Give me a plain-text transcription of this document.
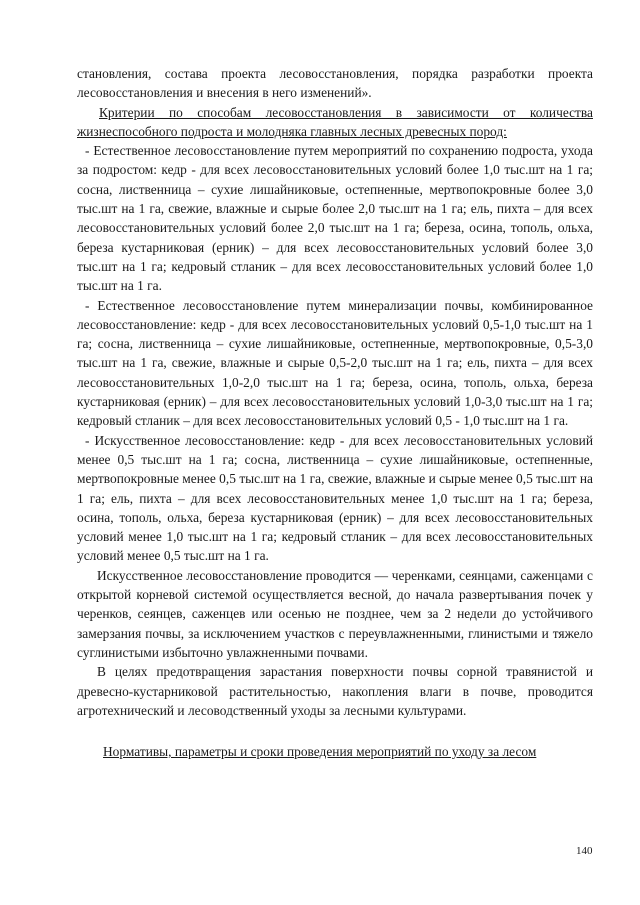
становления, состава проекта лесовосстановления, порядка разработки проекта лесовосстановления и внесения в него изменений».

Критерии по способам лесовосстановления в зависимости от количества жизнеспособного подроста и молодняка главных лесных древесных пород:

- Естественное лесовосстановление путем мероприятий по сохранению подроста, ухода за подростом: кедр - для всех лесовосстановительных условий более 1,0 тыс.шт на 1 га; сосна, лиственница – сухие лишайниковые, остепненные, мертвопокровные более 3,0 тыс.шт на 1 га, свежие, влажные и сырые более 2,0 тыс.шт на 1 га; ель, пихта – для всех лесовосстановительных условий более 2,0 тыс.шт на 1 га; береза, осина, тополь, ольха, береза кустарниковая (ерник) – для всех лесовосстановительных условий более 3,0 тыс.шт на 1 га; кедровый стланик – для всех лесовосстановительных условий более 1,0 тыс.шт на 1 га.

- Естественное лесовосстановление путем минерализации почвы, комбинированное лесовосстановление: кедр - для всех лесовосстановительных условий 0,5-1,0 тыс.шт на 1 га; сосна, лиственница – сухие лишайниковые, остепненные, мертвопокровные, 0,5-3,0 тыс.шт на 1 га, свежие, влажные и сырые 0,5-2,0 тыс.шт на 1 га; ель, пихта – для всех лесовосстановительных 1,0-2,0 тыс.шт на 1 га; береза, осина, тополь, ольха, береза кустарниковая (ерник) – для всех лесовосстановительных условий 1,0-3,0 тыс.шт на 1 га; кедровый стланик – для всех лесовосстановительных условий 0,5 - 1,0 тыс.шт на 1 га.

- Искусственное лесовосстановление: кедр - для всех лесовосстановительных условий менее 0,5 тыс.шт на 1 га; сосна, лиственница – сухие лишайниковые, остепненные, мертвопокровные менее 0,5 тыс.шт на 1 га, свежие, влажные и сырые менее 0,5 тыс.шт на 1 га; ель, пихта – для всех лесовосстановительных менее 1,0 тыс.шт на 1 га; береза, осина, тополь, ольха, береза кустарниковая (ерник) – для всех лесовосстановительных условий менее 1,0 тыс.шт на 1 га; кедровый стланик – для всех лесовосстановительных условий менее 0,5 тыс.шт на 1 га.

Искусственное лесовосстановление проводится — черенками, сеянцами, саженцами с открытой корневой системой осуществляется весной, до начала развертывания почек у черенков, сеянцев, саженцев или осенью не позднее, чем за 2 недели до устойчивого замерзания почвы, за исключением участков с переувлажненными, глинистыми и тяжело суглинистыми избыточно увлажненными почвами.

В целях предотвращения зарастания поверхности почвы сорной травянистой и древесно-кустарниковой растительностью, накопления влаги в почве, проводится агротехнический и лесоводственный уходы за лесными культурами.

Нормативы, параметры и сроки проведения мероприятий по уходу за лесом

140
